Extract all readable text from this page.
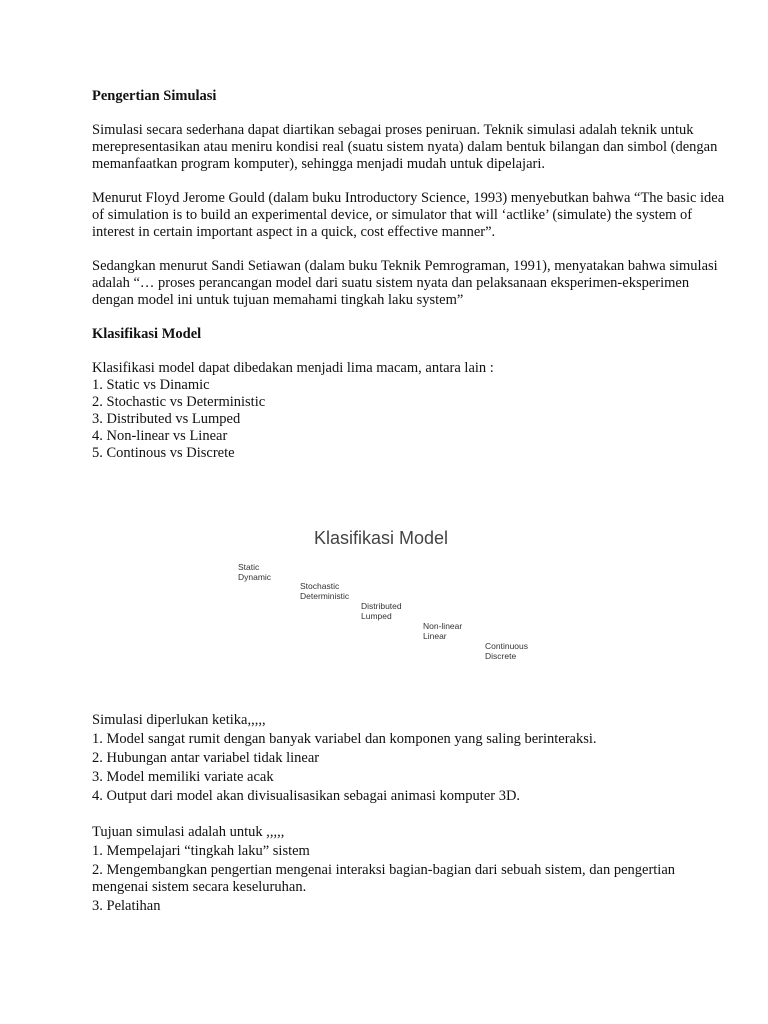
Pengertian Simulasi

Simulasi secara sederhana dapat diartikan sebagai proses peniruan. Teknik simulasi adalah teknik untuk merepresentasikan atau meniru kondisi real (suatu sistem nyata) dalam bentuk bilangan dan simbol (dengan memanfaatkan program komputer), sehingga menjadi mudah untuk dipelajari.

Menurut Floyd Jerome Gould (dalam buku Introductory Science, 1993) menyebutkan bahwa “The basic idea of simulation is to build an experimental device, or simulator that will ‘actlike’ (simulate) the system of interest in certain important aspect in a quick, cost effective manner”.

Sedangkan menurut Sandi Setiawan (dalam buku Teknik Pemrograman, 1991), menyatakan bahwa simulasi adalah “… proses perancangan model dari suatu sistem nyata dan pelaksanaan eksperimen-eksperimen dengan model ini untuk tujuan memahami tingkah laku system”

Klasifikasi Model

Klasifikasi model dapat dibedakan menjadi lima macam, antara lain :

1. Static vs Dinamic
2. Stochastic vs Deterministic
3. Distributed vs Lumped
4. Non-linear vs Linear
5. Continous vs Discrete
Klasifikasi Model
Static
Dynamic
Stochastic
Deterministic
Distributed
Lumped
Non-linear
Linear
Continuous
Discrete

Simulasi diperlukan ketika,,,,,

1. Model sangat rumit dengan banyak variabel dan komponen yang saling berinteraksi.
2. Hubungan antar variabel tidak linear
3. Model memiliki variate acak
4. Output dari model akan divisualisasikan sebagai animasi komputer 3D.

Tujuan simulasi adalah untuk ,,,,,

1. Mempelajari “tingkah laku” sistem
2. Mengembangkan pengertian mengenai interaksi bagian-bagian dari sebuah sistem, dan pengertian mengenai sistem secara keseluruhan.
3. Pelatihan
